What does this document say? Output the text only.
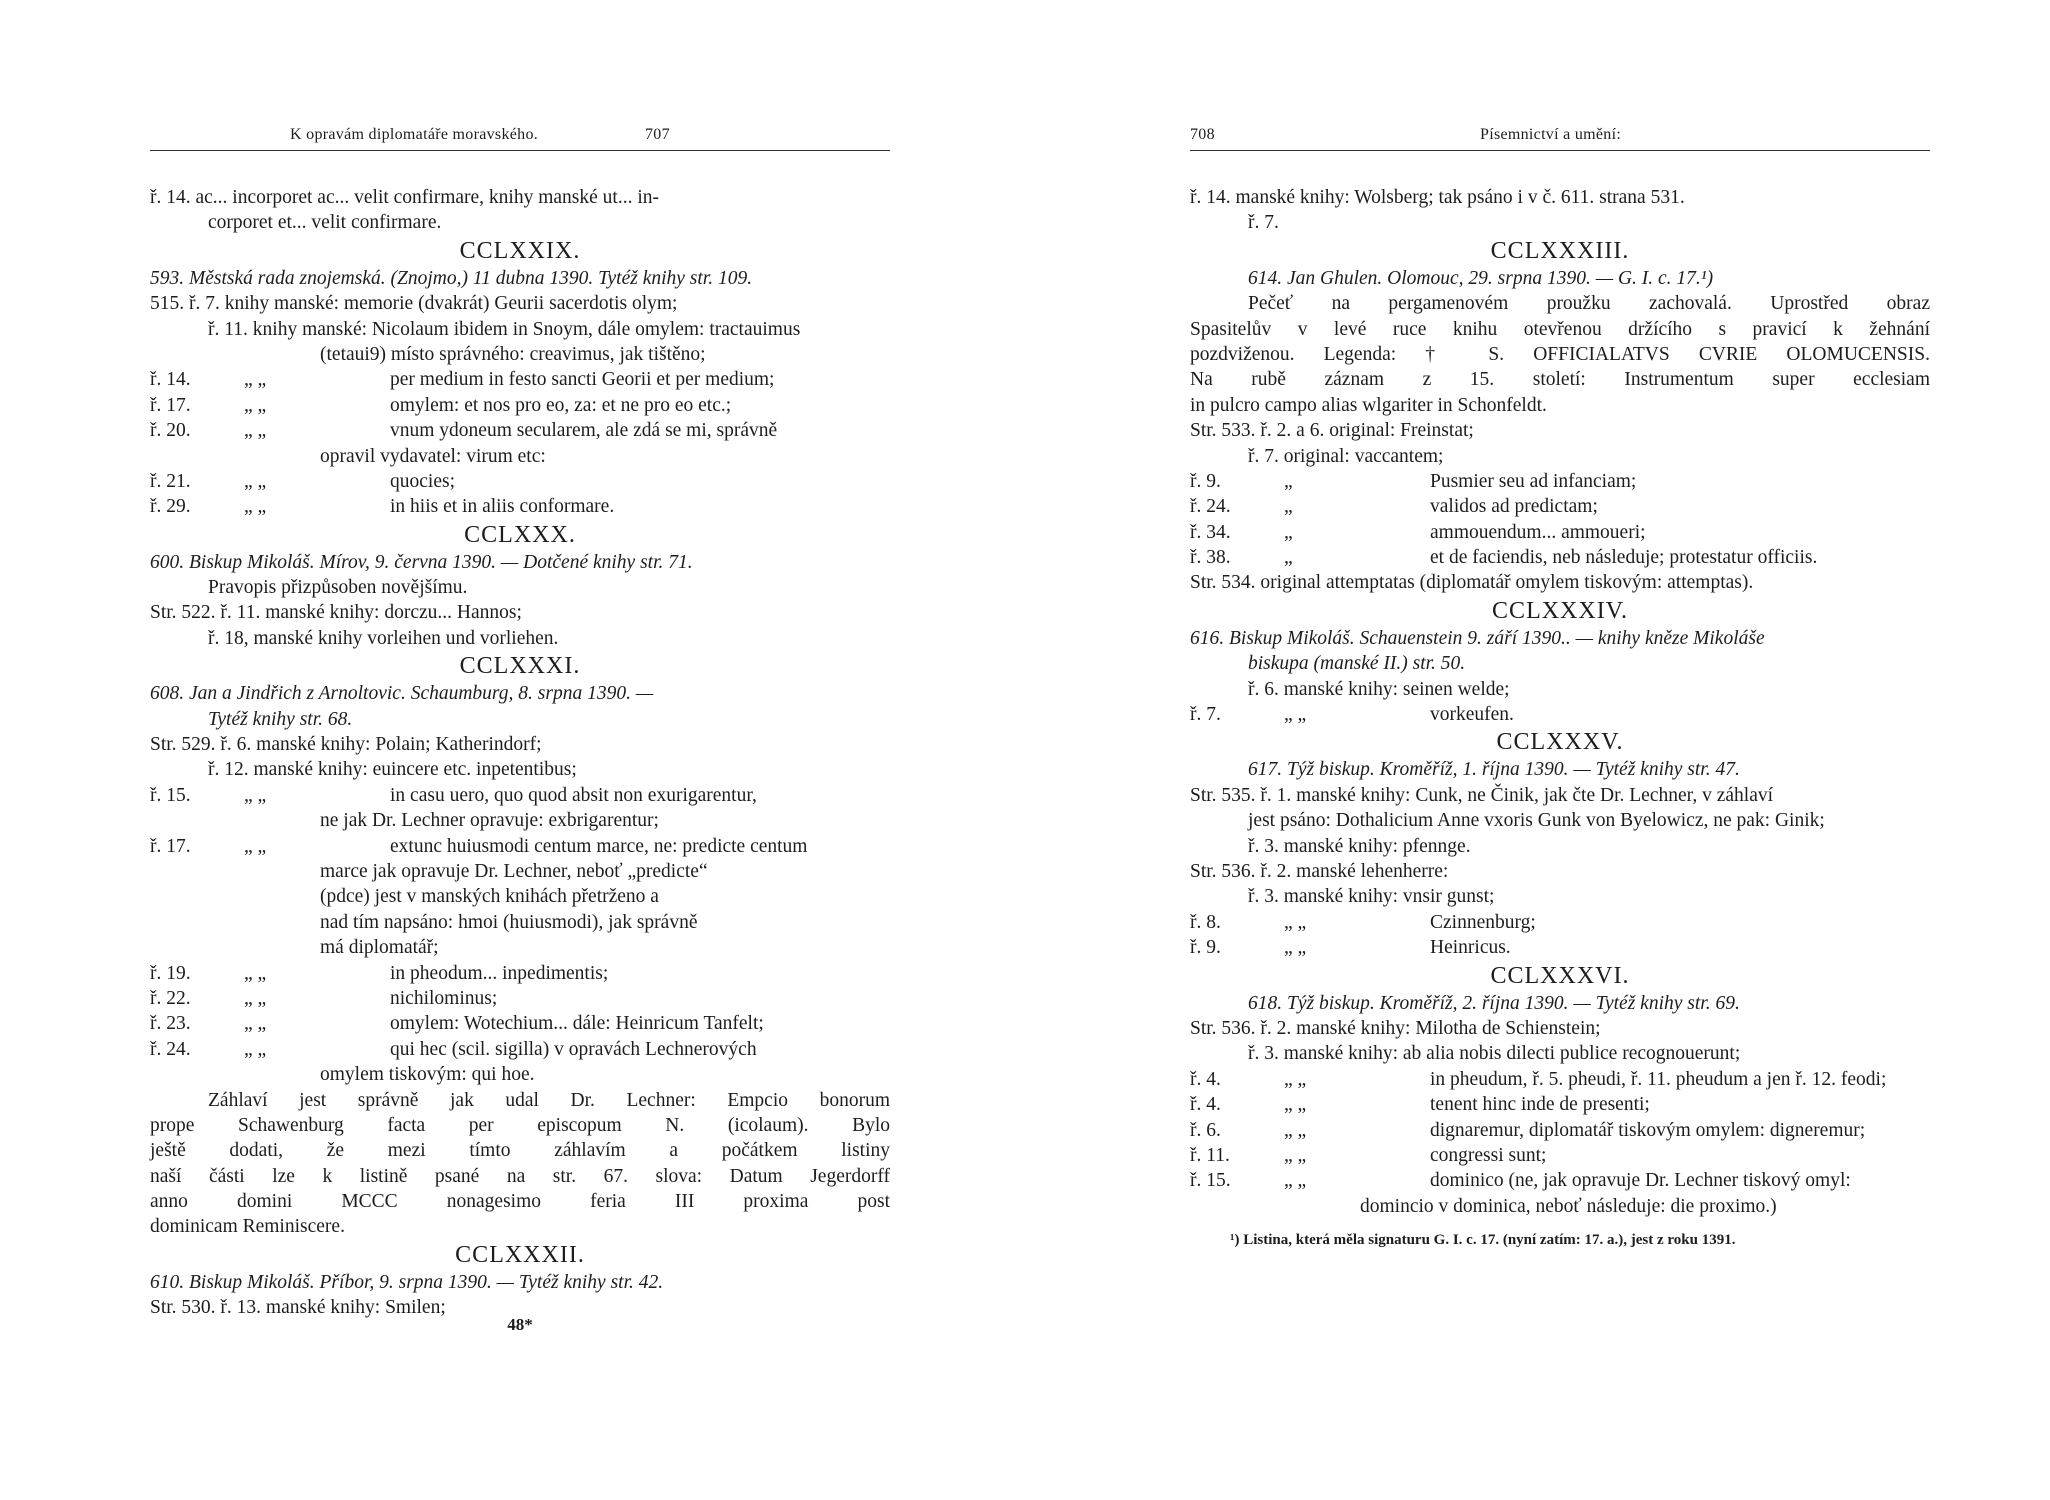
K opravám diplomatáře moravského.	707
ř. 14. ac... incorporet ac... velit confirmare, knihy manské ut... in-
corporet et... velit confirmare.
CCLXXIX.
593. Městská rada znojemská. (Znojmo,) 11 dubna 1390. Tytéž knihy str. 109.
515. ř. 7. knihy manské: memorie (dvakrát) Geurii sacerdotis olym;
ř. 11. knihy manské: Nicolaum ibidem in Snoym, dále omylem: tractauimus
(tetaui9) místo správného: creavimus, jak tištěno;
ř. 14.	„ „	per medium in festo sancti Georii et per medium;
ř. 17.	„ „	omylem: et nos pro eo, za: et ne pro eo etc.;
ř. 20.	„ „	vnum ydoneum secularem, ale zdá se mi, správně
opravil vydavatel: virum etc:
ř. 21.	„ „	quocies;
ř. 29.	„ „	in hiis et in aliis conformare.
CCLXXX.
600. Biskup Mikoláš. Mírov, 9. června 1390. — Dotčené knihy str. 71.
Pravopis přizpůsoben novějšímu.
Str. 522. ř. 11. manské knihy: dorczu... Hannos;
ř. 18, manské knihy vorleihen und vorliehen.
CCLXXXI.
608. Jan a Jindřich z Arnoltovic. Schaumburg, 8. srpna 1390. —
Tytéž knihy str. 68.
Str. 529. ř. 6. manské knihy: Polain; Katherindorf;
ř. 12. manské knihy: euincere etc. inpetentibus;
ř. 15.	„ „	in casu uero, quo quod absit non exurigarentur,
ne jak Dr. Lechner opravuje: exbrigarentur;
ř. 17.	„ „	extunc huiusmodi centum marce, ne: predicte centum
marce jak opravuje Dr. Lechner, neboť „predicte“
(pdce) jest v manských knihách přetrženo a
nad tím napsáno: hmoi (huiusmodi), jak správně
má diplomatář;
ř. 19.	„ „	in pheodum... inpedimentis;
ř. 22.	„ „	nichilominus;
ř. 23.	„ „	omylem: Wotechium... dále: Heinricum Tanfelt;
ř. 24.	„ „	qui hec (scil. sigilla) v opravách Lechnerových
omylem tiskovým: qui hoe.
Záhlaví jest správně jak udal Dr. Lechner: Empcio bonorum
prope Schawenburg facta per episcopum N. (icolaum). Bylo
ještě dodati, že mezi tímto záhlavím a počátkem listiny
naší části lze k listině psané na str. 67. slova: Datum Jegerdorff
anno domini MCCC nonagesimo feria III proxima post
dominicam Reminiscere.
CCLXXXII.
610. Biskup Mikoláš. Příbor, 9. srpna 1390. — Tytéž knihy str. 42.
Str. 530. ř. 13. manské knihy: Smilen;
48*
708	Písemnictví a umění:
ř. 14. manské knihy: Wolsberg; tak psáno i v č. 611. strana 531.
ř. 7.
CCLXXXIII.
614. Jan Ghulen. Olomouc, 29. srpna 1390. — G. I. c. 17.¹)
Pečeť na pergamenovém proužku zachovalá. Uprostřed obraz
Spasitelův v levé ruce knihu otevřenou držícího s pravicí k žehnání
pozdviženou. Legenda: † S. OFFICIALATVS CVRIE OLOMUCENSIS.
Na rubě záznam z 15. století: Instrumentum super ecclesiam
in pulcro campo alias wlgariter in Schonfeldt.
Str. 533. ř. 2. a 6. original: Freinstat;
ř. 7. original: vaccantem;
ř. 9.	„	Pusmier seu ad infanciam;
ř. 24.	„	validos ad predictam;
ř. 34.	„	ammouendum... ammoueri;
ř. 38.	„	et de faciendis, neb následuje; protestatur officiis.
Str. 534. original attemptatas (diplomatář omylem tiskovým: attemptas).
CCLXXXIV.
616. Biskup Mikoláš. Schauenstein 9. září 1390.. — knihy kněze Mikoláše
biskupa (manské II.) str. 50.
ř. 6. manské knihy: seinen welde;
ř. 7.	„ „	vorkeufen.
CCLXXXV.
617. Týž biskup. Kroměříž, 1. října 1390. — Tytéž knihy str. 47.
Str. 535. ř. 1. manské knihy: Cunk, ne Činik, jak čte Dr. Lechner, v záhlaví
jest psáno: Dothalicium Anne vxoris Gunk von Byelowicz, ne pak: Ginik;
ř. 3. manské knihy: pfennge.
Str. 536. ř. 2. manské lehenherre:
ř. 3. manské knihy: vnsir gunst;
ř. 8.	„ „	Czinnenburg;
ř. 9.	„ „	Heinricus.
CCLXXXVI.
618. Týž biskup. Kroměříž, 2. října 1390. — Tytéž knihy str. 69.
Str. 536. ř. 2. manské knihy: Milotha de Schienstein;
ř. 3. manské knihy: ab alia nobis dilecti publice recognouerunt;
ř. 4.	„ „	in pheudum, ř. 5. pheudi, ř. 11. pheudum a jen ř. 12. feodi;
ř. 4.	„ „	tenent hinc inde de presenti;
ř. 6.	„ „	dignaremur, diplomatář tiskovým omylem: digneremur;
ř. 11.	„ „	congressi sunt;
ř. 15.	„ „	dominico (ne, jak opravuje Dr. Lechner tiskový omyl:
domincio v dominica, neboť následuje: die proximo.)
¹) Listina, která měla signaturu G. I. c. 17. (nyní zatím: 17. a.), jest z roku 1391.
